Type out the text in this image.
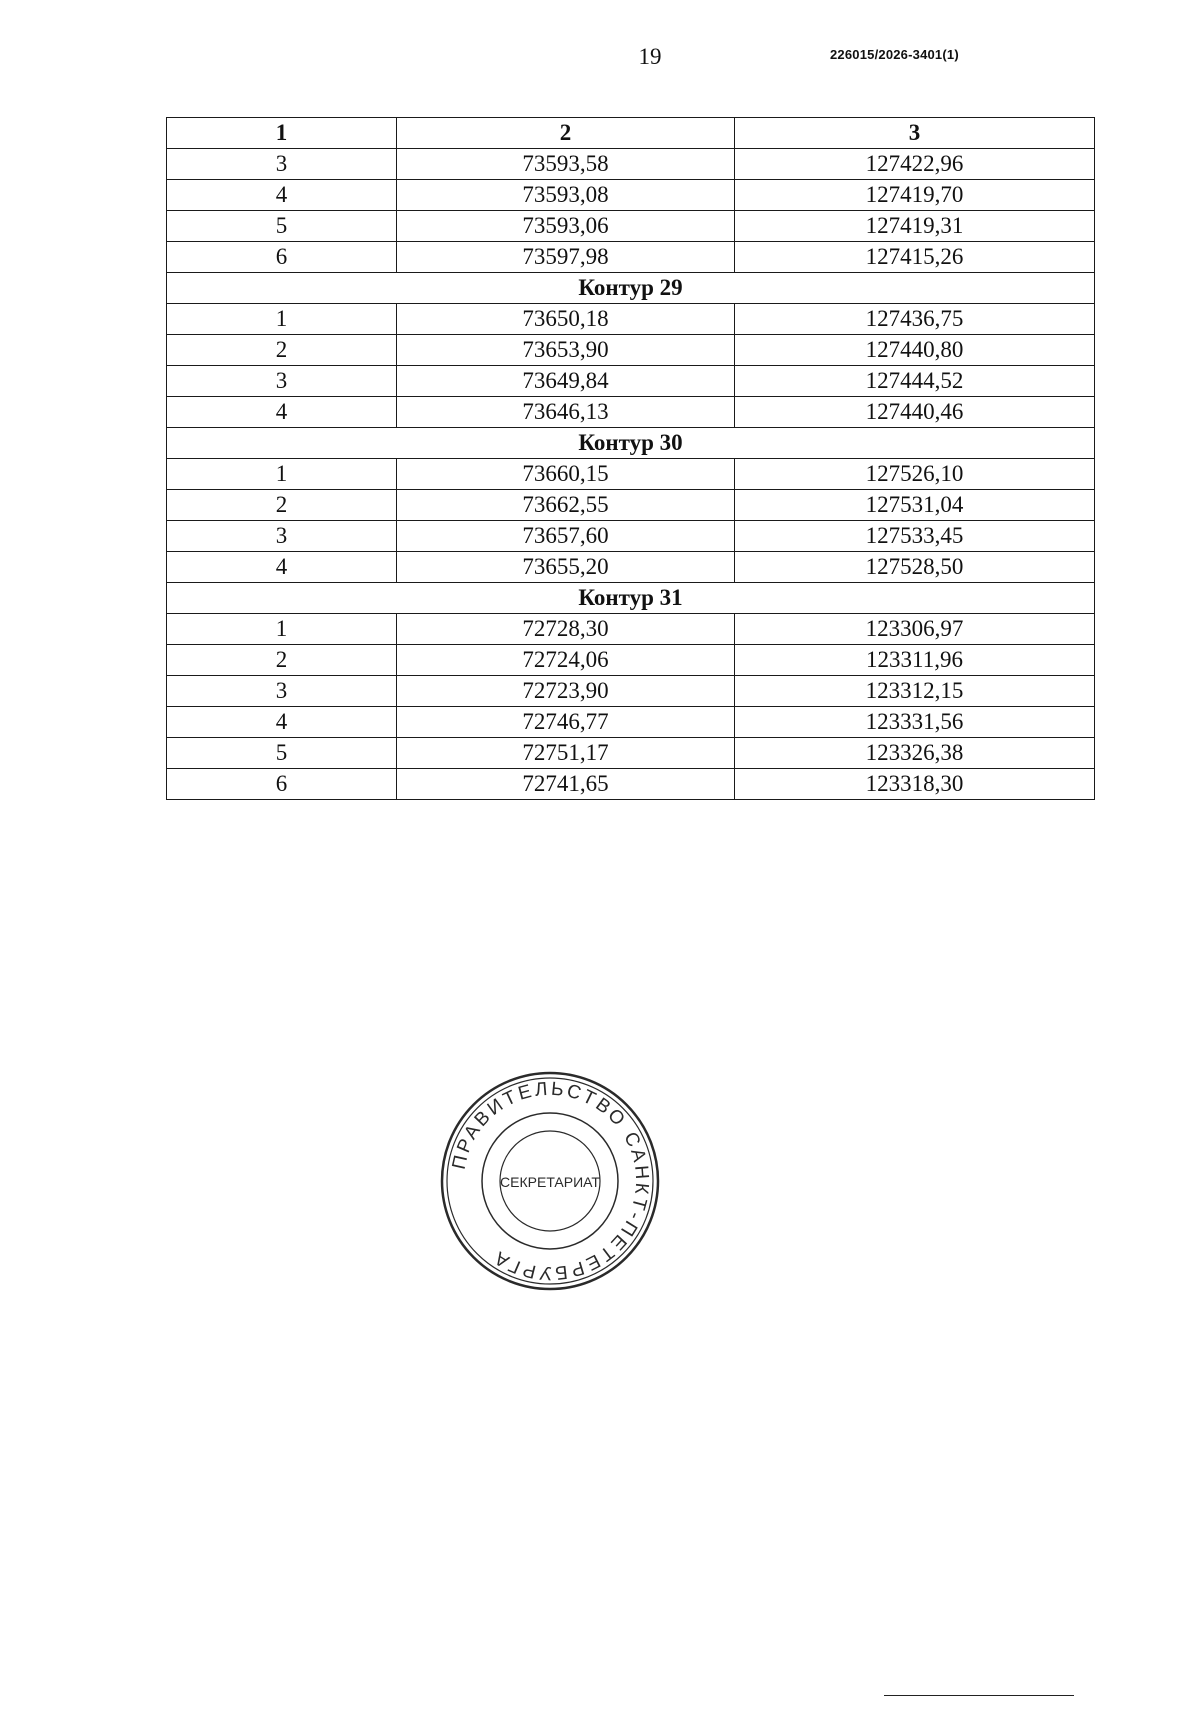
19	226015/2026-3401(1)
1	2	3
3	73593,58	127422,96
4	73593,08	127419,70
5	73593,06	127419,31
6	73597,98	127415,26
Контур 29		
1	73650,18	127436,75
2	73653,90	127440,80
3	73649,84	127444,52
4	73646,13	127440,46
Контур 30		
1	73660,15	127526,10
2	73662,55	127531,04
3	73657,60	127533,45
4	73655,20	127528,50
Контур 31		
1	72728,30	123306,97
2	72724,06	123311,96
3	72723,90	123312,15
4	72746,77	123331,56
5	72751,17	123326,38
6	72741,65	123318,30
ПРАВИТЕЛЬСТВО САНКТ-ПЕТЕРБУРГА
СЕКРЕТАРИАТ
